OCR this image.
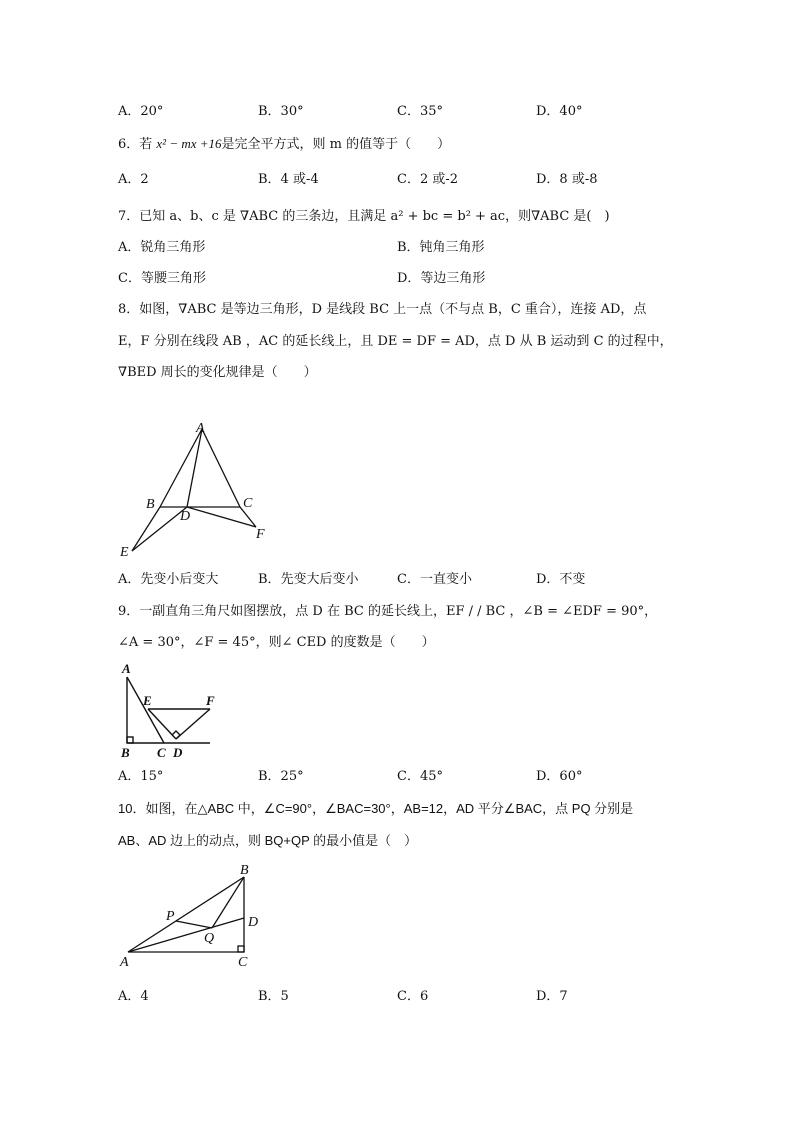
A．20°	B．30°	C．35°	D．40°
6．若 x² − mx +16是完全平方式，则 m 的值等于（　　）
A．2	B．4 或-4	C．2 或-2	D．8 或-8
7．已知 a、b、c 是 ∇ABC 的三条边，且满足 a² + bc = b² + ac，则∇ABC 是(　)
A．锐角三角形	B．钝角三角形
C．等腰三角形	D．等边三角形
8．如图，∇ABC 是等边三角形，D 是线段 BC 上一点（不与点 B，C 重合），连接 AD，点
E，F 分别在线段 AB ，AC 的延长线上，且 DE = DF = AD，点 D 从 B 运动到 C 的过程中，
∇BED 周长的变化规律是（　　）
A
B	C
D
E
F
A．先变小后变大	B．先变大后变小	C．一直变小	D．不变
9．一副直角三角尺如图摆放，点 D 在 BC 的延长线上，EF / / BC ，∠B = ∠EDF = 90°，
∠A = 30°，∠F = 45°，则∠ CED 的度数是（　　）
A
B C D
E	F
A．15°	B．25°	C．45°	D．60°
10．如图，在△ABC 中，∠C=90°，∠BAC=30°，AB=12，AD 平分∠BAC，点 PQ 分别是
AB、AD 边上的动点，则 BQ+QP 的最小值是（　）
B
P	D
Q
A	C
A．4	B．5	C．6	D．7
